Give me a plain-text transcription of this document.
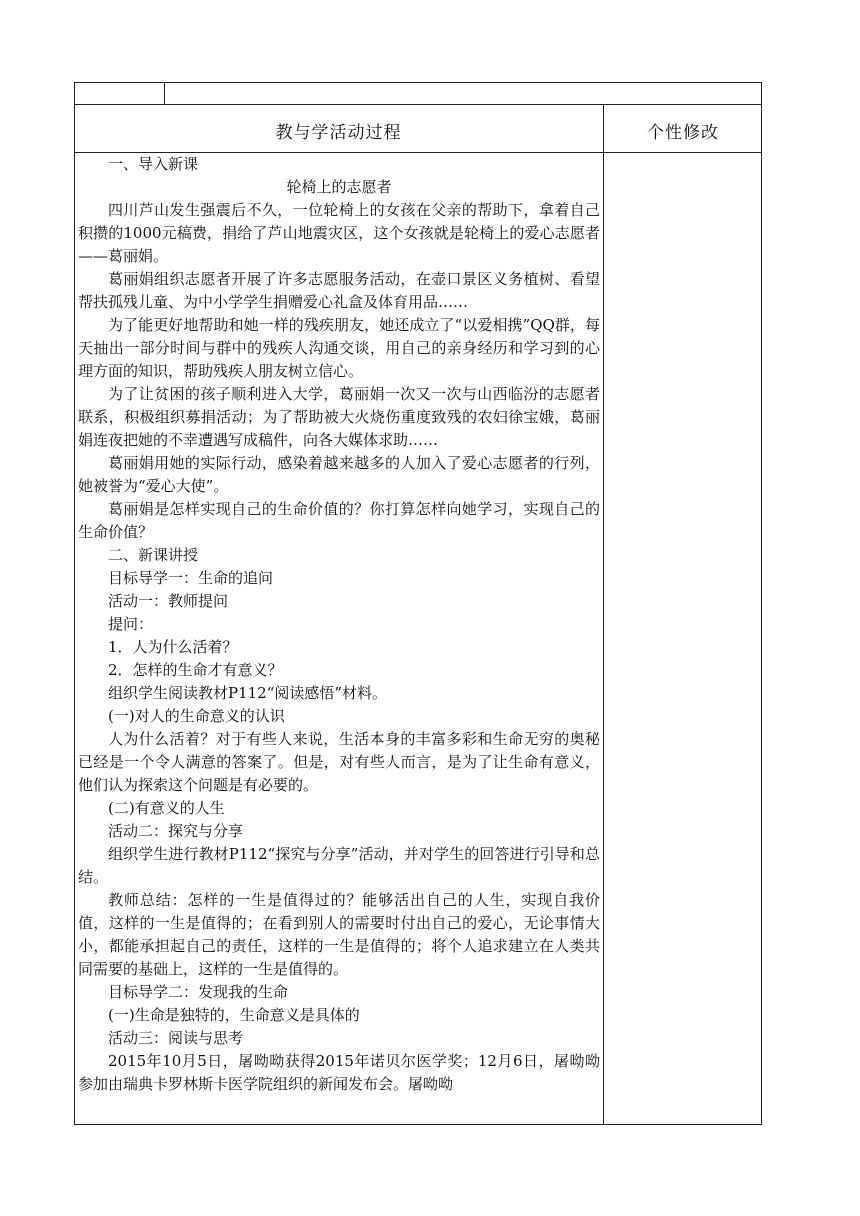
教与学活动过程	个性修改

一、导入新课

轮椅上的志愿者

四川芦山发生强震后不久，一位轮椅上的女孩在父亲的帮助下，拿着自己积攒的1000元稿费，捐给了芦山地震灾区，这个女孩就是轮椅上的爱心志愿者——葛丽娟。

葛丽娟组织志愿者开展了许多志愿服务活动，在壶口景区义务植树、看望帮扶孤残儿童、为中小学学生捐赠爱心礼盒及体育用品……

为了能更好地帮助和她一样的残疾朋友，她还成立了“以爱相携”QQ群，每天抽出一部分时间与群中的残疾人沟通交谈，用自己的亲身经历和学习到的心理方面的知识，帮助残疾人朋友树立信心。

为了让贫困的孩子顺利进入大学，葛丽娟一次又一次与山西临汾的志愿者联系，积极组织募捐活动；为了帮助被大火烧伤重度致残的农妇徐宝娥，葛丽娟连夜把她的不幸遭遇写成稿件，向各大媒体求助……

葛丽娟用她的实际行动，感染着越来越多的人加入了爱心志愿者的行列，她被誉为“爱心大使”。

葛丽娟是怎样实现自己的生命价值的？你打算怎样向她学习，实现自己的生命价值？

二、新课讲授

目标导学一：生命的追问

活动一：教师提问

提问：

1．人为什么活着？

2．怎样的生命才有意义？

组织学生阅读教材P112“阅读感悟”材料。

(一)对人的生命意义的认识

人为什么活着？对于有些人来说，生活本身的丰富多彩和生命无穷的奥秘已经是一个令人满意的答案了。但是，对有些人而言，是为了让生命有意义，他们认为探索这个问题是有必要的。

(二)有意义的人生

活动二：探究与分享

组织学生进行教材P112“探究与分享”活动，并对学生的回答进行引导和总结。

教师总结：怎样的一生是值得过的？能够活出自己的人生，实现自我价值，这样的一生是值得的；在看到别人的需要时付出自己的爱心，无论事情大小，都能承担起自己的责任，这样的一生是值得的；将个人追求建立在人类共同需要的基础上，这样的一生是值得的。

目标导学二：发现我的生命

(一)生命是独特的，生命意义是具体的

活动三：阅读与思考

2015年10月5日，屠呦呦获得2015年诺贝尔医学奖；12月6日，屠呦呦参加由瑞典卡罗林斯卡医学院组织的新闻发布会。屠呦呦
